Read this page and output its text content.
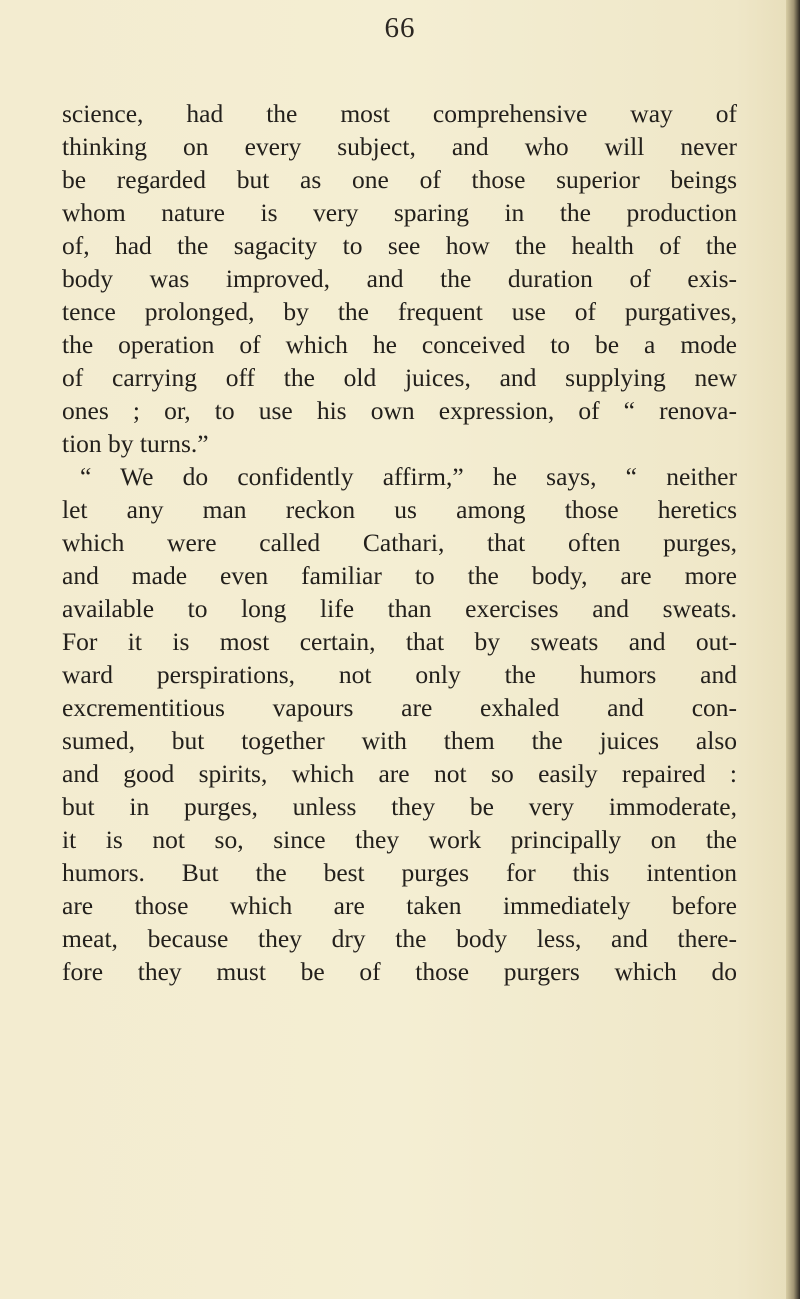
66
science, had the most comprehensive way of
thinking on every subject, and who will never
be regarded but as one of those superior beings
whom nature is very sparing in the production
of, had the sagacity to see how the health of the
body was improved, and the duration of exis-
tence prolonged, by the frequent use of purgatives,
the operation of which he conceived to be a mode
of carrying off the old juices, and supplying new
ones ; or, to use his own expression, of “ renova-
tion by turns.”
“ We do confidently affirm,” he says, “ neither
let any man reckon us among those heretics
which were called Cathari, that often purges,
and made even familiar to the body, are more
available to long life than exercises and sweats.
For it is most certain, that by sweats and out-
ward perspirations, not only the humors and
excrementitious vapours are exhaled and con-
sumed, but together with them the juices also
and good spirits, which are not so easily repaired :
but in purges, unless they be very immoderate,
it is not so, since they work principally on the
humors. But the best purges for this intention
are those which are taken immediately before
meat, because they dry the body less, and there-
fore they must be of those purgers which do
